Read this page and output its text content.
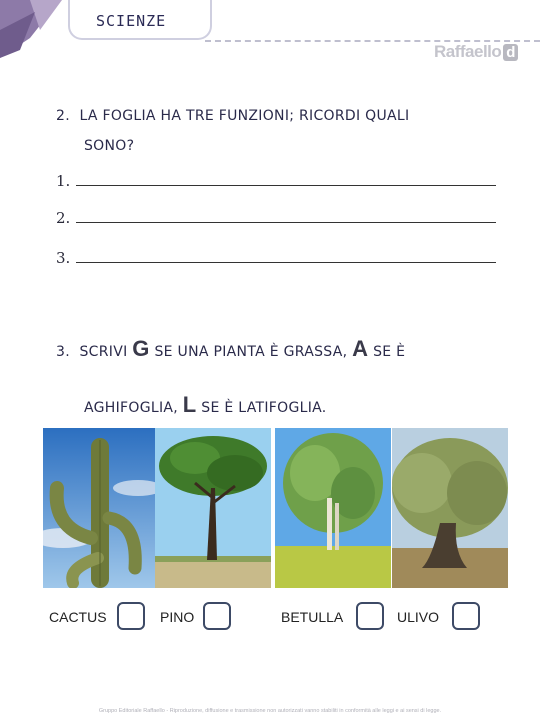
SCIENZE
Raffaello d
2. LA FOGLIA HA TRE FUNZIONI; RICORDI QUALI
SONO?
1.
2.
3.
3. SCRIVI G SE UNA PIANTA È GRASSA, A SE È
AGHIFOGLIA, L SE È LATIFOGLIA.
CACTUS	PINO	BETULLA	ULIVO
Gruppo Editoriale Raffaello - Riproduzione, diffusione e trasmissione non autorizzati vanno stabiliti in conformità alle leggi e ai sensi di legge.
